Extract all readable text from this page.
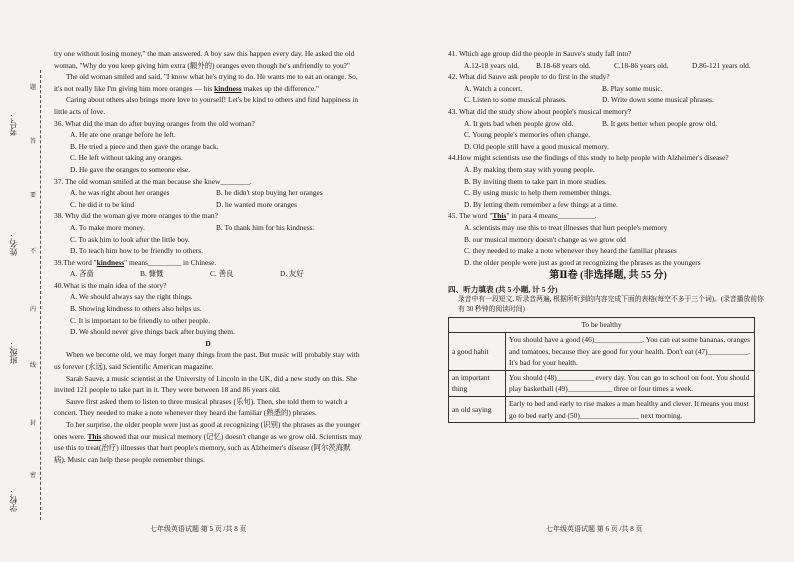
考号：
姓名：
班级：
学校：
题
答
要
不
内
线
封
密

try one without losing money," the man answered. A boy saw this happen every day. He asked the old woman, "Why do you keep giving him extra (额外的) oranges even though he's unfriendly to you?"

The old woman smiled and said, "I know what he's trying to do. He wants me to eat an orange. So, it's not really like I'm giving him more oranges — his kindness makes up the difference."

Caring about others also brings more love to yourself! Let's be kind to others and find happiness in little acts of love.

36. What did the man do after buying oranges from the old woman?

A. He ate one orange before he left.

B. He tried a piece and then gave the orange back.

C. He left without taking any oranges.

D. He gave the oranges to someone else.

37. The old woman smiled at the man because she knew________.

A. he was right about her oranges	B. he didn't stop buying her oranges
C. he did it to be kind	D. he wanted more oranges

38. Why did the woman give more oranges to the man?

A. To make more money.	B. To thank him for his kindness.

C. To ask him to look after the little boy.

D. To teach him how to be friendly to others.

39.The word "kindness" means_________ in Chinese.

A. 吝啬	B. 慷慨	C. 善良	D. 友好

40.What is the main idea of the story?

A. We should always say the right things.

B. Showing kindness to others also helps us.

C. It is important to be friendly to other people.

D. We should never give things back after buying them.

D

When we become old, we may forget many things from the past. But music will probably stay with us forever (永远), said Scientific American magazine.

Sarah Sauve, a music scientist at the University of Lincoln in the UK, did a new study on this. She invited 121 people to take part in it. They were between 18 and 86 years old.

Sauve first asked them to listen to three musical phrases (乐句). Then, she told them to watch a concert. They needed to make a note whenever they heard the familiar (熟悉的) phrases.

To her surprise, the older people were just as good at recognizing (识别) the phrases as the younger ones were. This showed that our musical memory (记忆) doesn't change as we grow old. Scientists may use this to treat(治疗) illnesses that hurt people's memory, such as Alzheimer's disease (阿尔茨海默病). Music can help these people remember things.

七年级英语试题 第 5 页 /共 8 页

41. Which age group did the people in Sauve's study fall into?

A.12-18 years old.	B.18-68 years old.	C.18-86 years old.	D.86-121 years old.

42. What did Sauve ask people to do first in the study?

A. Watch a concert.	B. Play some music.
C. Listen to some musical phrases.	D. Write down some musical phrases.

43. What did the study show about people's musical memory?

A. It gets bad when people grow old.	B. It gets better when people grow old.

C. Young people's memories often change.

D. Old people still have a good musical memory.

44.How might scientists use the findings of this study to help people with Alzheimer's disease?

A. By making them stay with young people.

B. By inviting them to take part in more studies.

C. By using music to help them remember things.

D. By letting them remember a few things at a time.

45. The word "This" in para 4 means__________.

A. scientists may use this to treat illnesses that hurt people's memory

B. our musical memory doesn't change as we grow old

C. they needed to make a note whenever they heard the familiar phrases

D. the older people were just as good at recognizing the phrases as the youngers

第Ⅱ卷 (非选择题, 共 55 分)
四、听力填表 (共 5 小题, 计 5 分)
录音中有一段短文, 听录音两遍, 根据所听到的内容完成下面的表格(每空不多于三个词)。(录音播放前你有 30 秒钟的阅读时间)
To be healthy	
a good habit	You should have a good (46)_____________. You can eat some bananas, oranges and tomatoes, because they are good for your health. Don't eat (47)___________. It's bad for your health.
an important thing	You should (48)__________ every day. You can go to school on foot. You should play basketball (49)____________ three or four times a week.
an old saying	Early to bed and early to rise makes a man healthy and clever. It means you must go to bed early and (50)________________ next morning.
七年级英语试题 第 6 页 /共 8 页
